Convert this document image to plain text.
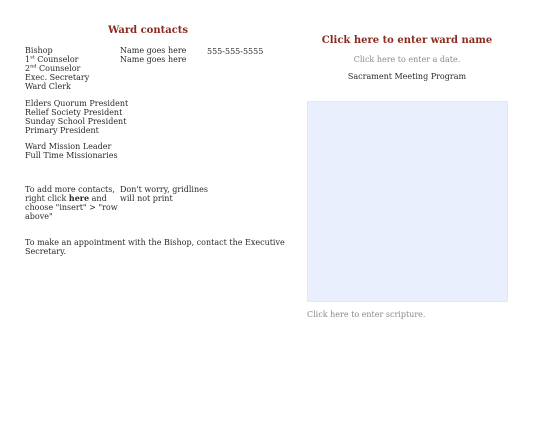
Ward contacts
Bishop
1st Counselor
2nd Counselor
Exec. Secretary
Ward Clerk
Name goes here
Name goes here
555-555-5555
Elders Quorum President
Relief Society President
Sunday School President
Primary President
Ward Mission Leader
Full Time Missionaries
To add more contacts,
right click here and
choose "insert" > "row
above"
Don't worry, gridlines
will not print
To make an appointment with the Bishop, contact the Executive
Secretary.
Click here to enter ward name
Click here to enter a date.
Sacrament Meeting Program
Click here to enter scripture.
